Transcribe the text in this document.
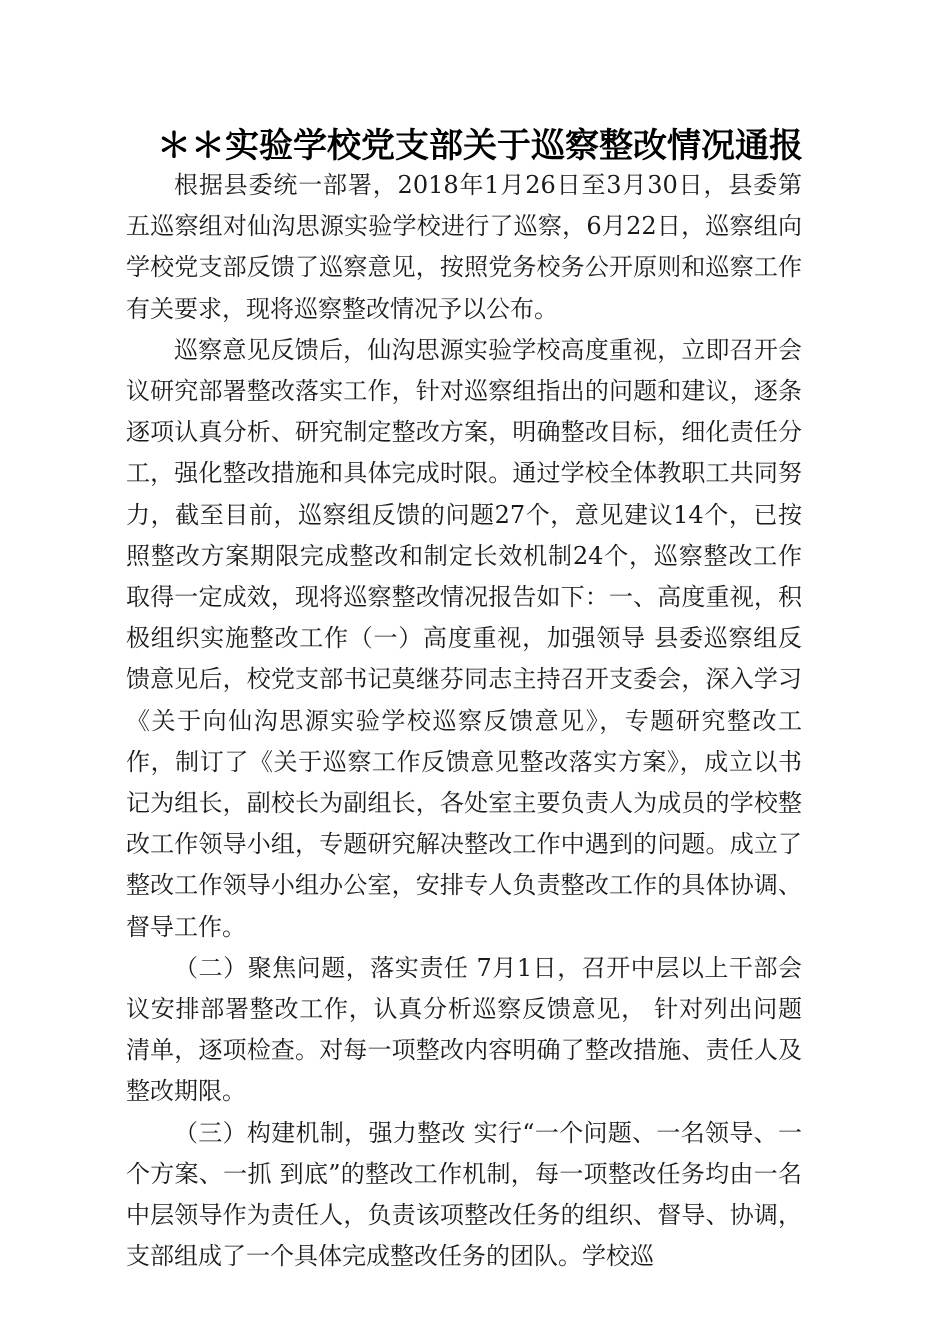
＊＊实验学校党支部关于巡察整改情况通报

根据县委统一部署，2018年1月26日至3月30日，县委第五巡察组对仙沟思源实验学校进行了巡察，6月22日，巡察组向学校党支部反馈了巡察意见，按照党务校务公开原则和巡察工作有关要求，现将巡察整改情况予以公布。

巡察意见反馈后，仙沟思源实验学校高度重视，立即召开会议研究部署整改落实工作，针对巡察组指出的问题和建议，逐条逐项认真分析、研究制定整改方案，明确整改目标，细化责任分工，强化整改措施和具体完成时限。通过学校全体教职工共同努力，截至目前，巡察组反馈的问题27个，意见建议14个，已按照整改方案期限完成整改和制定长效机制24个，巡察整改工作取得一定成效，现将巡察整改情况报告如下：一、高度重视，积极组织实施整改工作（一）高度重视，加强领导 县委巡察组反馈意见后，校党支部书记莫继芬同志主持召开支委会，深入学习《关于向仙沟思源实验学校巡察反馈意见》，专题研究整改工作，制订了《关于巡察工作反馈意见整改落实方案》，成立以书记为组长，副校长为副组长，各处室主要负责人为成员的学校整改工作领导小组，专题研究解决整改工作中遇到的问题。成立了整改工作领导小组办公室，安排专人负责整改工作的具体协调、督导工作。

（二）聚焦问题，落实责任 7月1日，召开中层以上干部会议安排部署整改工作，认真分析巡察反馈意见， 针对列出问题清单，逐项检查。对每一项整改内容明确了整改措施、责任人及整改期限。

（三）构建机制，强力整改 实行“一个问题、一名领导、一个方案、一抓 到底”的整改工作机制，每一项整改任务均由一名中层领导作为责任人，负责该项整改任务的组织、督导、协调，支部组成了一个具体完成整改任务的团队。学校巡
